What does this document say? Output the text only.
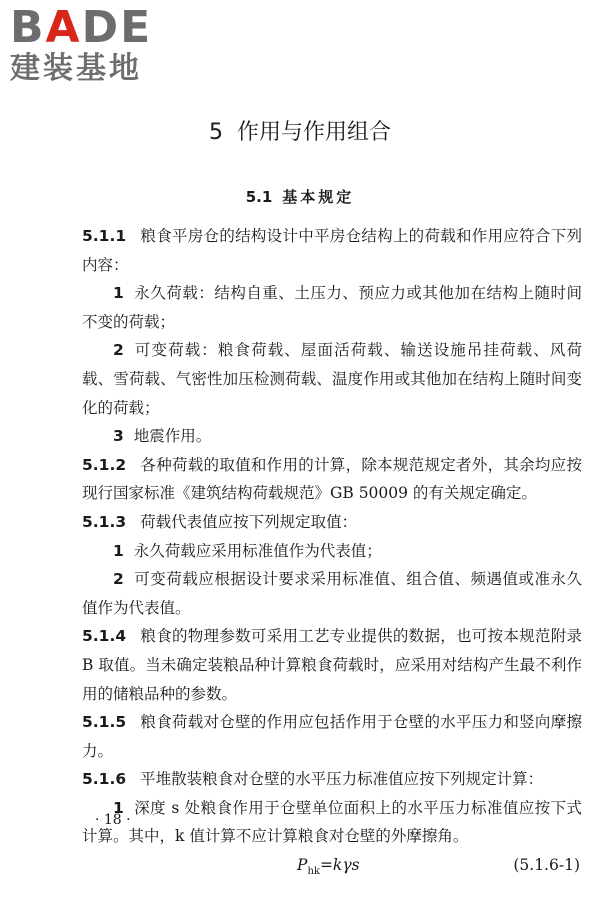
BADE
建装基地
5 作用与作用组合
5.1 基本规定

5.1.1 粮食平房仓的结构设计中平房仓结构上的荷载和作用应符合下列内容：

1 永久荷载：结构自重、土压力、预应力或其他加在结构上随时间不变的荷载；

2 可变荷载：粮食荷载、屋面活荷载、输送设施吊挂荷载、风荷载、雪荷载、气密性加压检测荷载、温度作用或其他加在结构上随时间变化的荷载；

3 地震作用。

5.1.2 各种荷载的取值和作用的计算，除本规范规定者外，其余均应按现行国家标准《建筑结构荷载规范》GB 50009 的有关规定确定。

5.1.3 荷载代表值应按下列规定取值：

1 永久荷载应采用标准值作为代表值；

2 可变荷载应根据设计要求采用标准值、组合值、频遇值或准永久值作为代表值。

5.1.4 粮食的物理参数可采用工艺专业提供的数据，也可按本规范附录 B 取值。当未确定装粮品种计算粮食荷载时，应采用对结构产生最不利作用的储粮品种的参数。

5.1.5 粮食荷载对仓壁的作用应包括作用于仓壁的水平压力和竖向摩擦力。

5.1.6 平堆散装粮食对仓壁的水平压力标准值应按下列规定计算：

1 深度 s 处粮食作用于仓壁单位面积上的水平压力标准值应按下式计算。其中，k 值计算不应计算粮食对仓壁的外摩擦角。

$P_{hk}=k\gamma s$	(5.1.6-1)
· 18 ·
